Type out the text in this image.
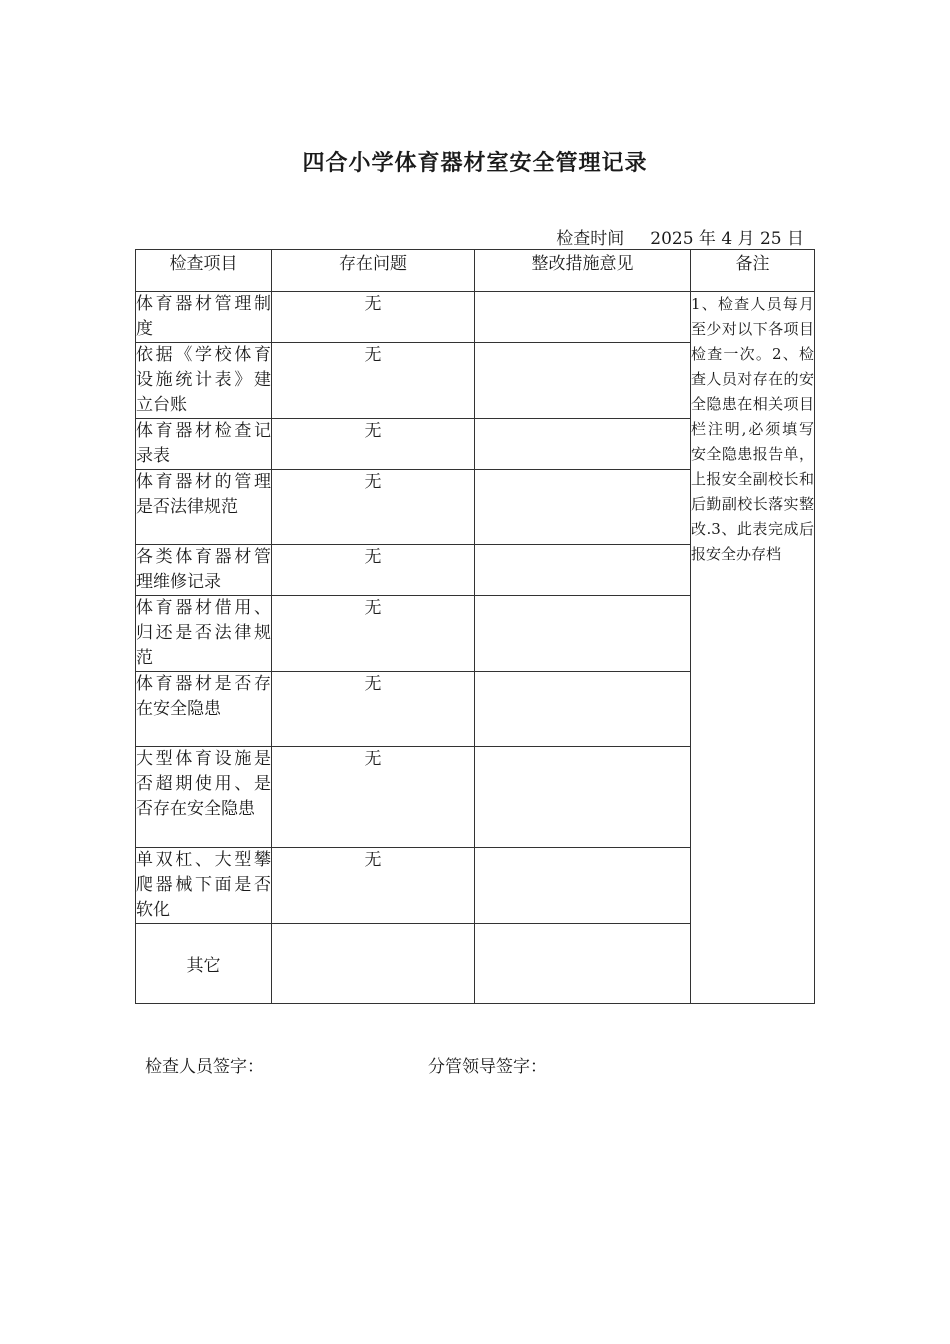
四合小学体育器材室安全管理记录
检查时间 2025 年 4 月 25 日
检查项目	存在问题	整改措施意见	备注
体育器材管理制度	无		1、检查人员每月至少对以下各项目检查一次。2、检查人员对存在的安全隐患在相关项目栏注明,必须填写安全隐患报告单，上报安全副校长和后勤副校长落实整改.3、此表完成后报安全办存档
依据《学校体育设施统计表》建立台账	无		
体育器材检查记录表	无		
体育器材的管理是否法律规范	无		
各类体育器材管理维修记录	无		
体育器材借用、归还是否法律规范	无		
体育器材是否存在安全隐患	无		
大型体育设施是否超期使用、是否存在安全隐患	无		
单双杠、大型攀爬器械下面是否软化	无		
其它			
检查人员签字：	分管领导签字：
